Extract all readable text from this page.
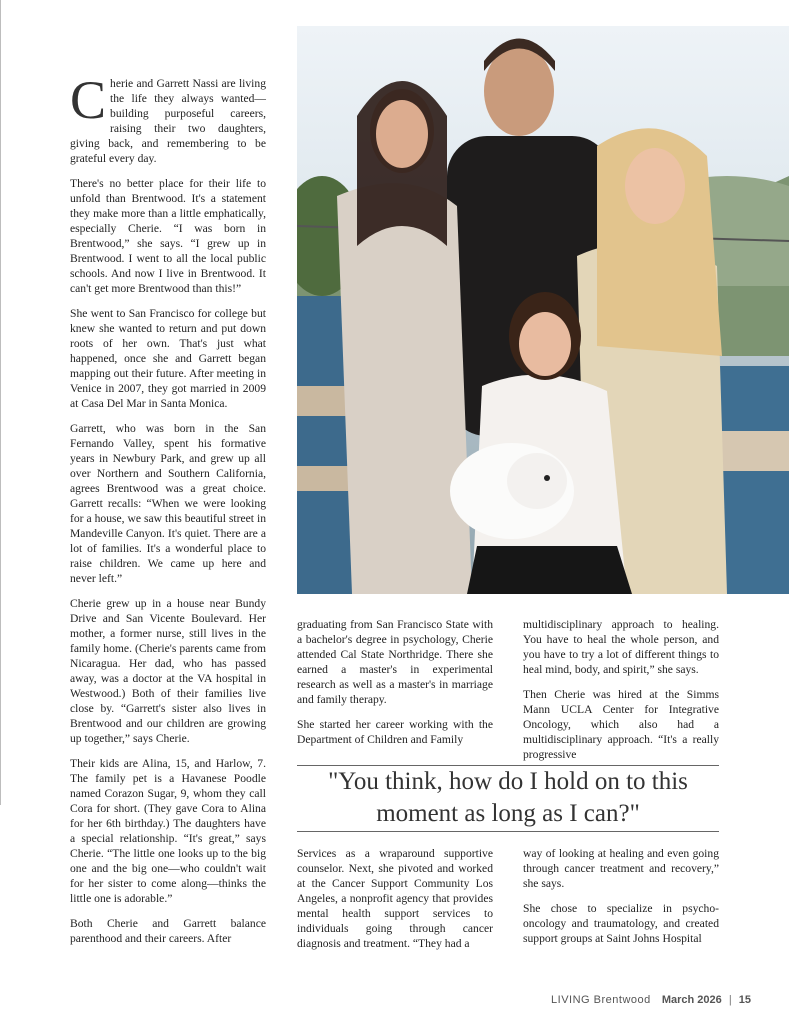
Cherie and Garrett Nassi are living the life they always wanted—building purposeful careers, raising their two daughters, giving back, and remembering to be grateful every day.

There's no better place for their life to unfold than Brentwood. It's a statement they make more than a little emphatically, especially Cherie. “I was born in Brentwood,” she says. “I grew up in Brentwood. I went to all the local public schools. And now I live in Brentwood. It can't get more Brentwood than this!”

She went to San Francisco for college but knew she wanted to return and put down roots of her own. That's just what happened, once she and Garrett began mapping out their future. After meeting in Venice in 2007, they got married in 2009 at Casa Del Mar in Santa Monica.

Garrett, who was born in the San Fernando Valley, spent his formative years in Newbury Park, and grew up all over Northern and Southern California, agrees Brentwood was a great choice. Garrett recalls: “When we were looking for a house, we saw this beautiful street in Mandeville Canyon. It's quiet. There are a lot of families. It's a wonderful place to raise children. We came up here and never left.”

Cherie grew up in a house near Bundy Drive and San Vicente Boulevard. Her mother, a former nurse, still lives in the family home. (Cherie's parents came from Nicaragua. Her dad, who has passed away, was a doctor at the VA hospital in Westwood.) Both of their families live close by. “Garrett's sister also lives in Brentwood and our children are growing up together,” says Cherie.

Their kids are Alina, 15, and Harlow, 7. The family pet is a Havanese Poodle named Corazon Sugar, 9, whom they call Cora for short. (They gave Cora to Alina for her 6th birthday.) The daughters have a special relationship. “It's great,” says Cherie. “The little one looks up to the big one and the big one—who couldn't wait for her sister to come along—thinks the little one is adorable.”

Both Cherie and Garrett balance parenthood and their careers. After

graduating from San Francisco State with a bachelor's degree in psychology, Cherie attended Cal State Northridge. There she earned a master's in experimental research as well as a master's in marriage and family therapy.

She started her career working with the Department of Children and Family

multidisciplinary approach to healing. You have to heal the whole person, and you have to try a lot of different things to heal mind, body, and spirit,” she says.

Then Cherie was hired at the Simms Mann UCLA Center for Integrative Oncology, which also had a multidisciplinary approach. “It's a really progressive

"You think, how do I hold on to this moment as long as I can?"

Services as a wraparound supportive counselor. Next, she pivoted and worked at the Cancer Support Community Los Angeles, a nonprofit agency that provides mental health support services to individuals going through cancer diagnosis and treatment. “They had a

way of looking at healing and even going through cancer treatment and recovery,” she says.

She chose to specialize in psycho-oncology and traumatology, and created support groups at Saint Johns Hospital

LIVING Brentwood March 2026 | 15
